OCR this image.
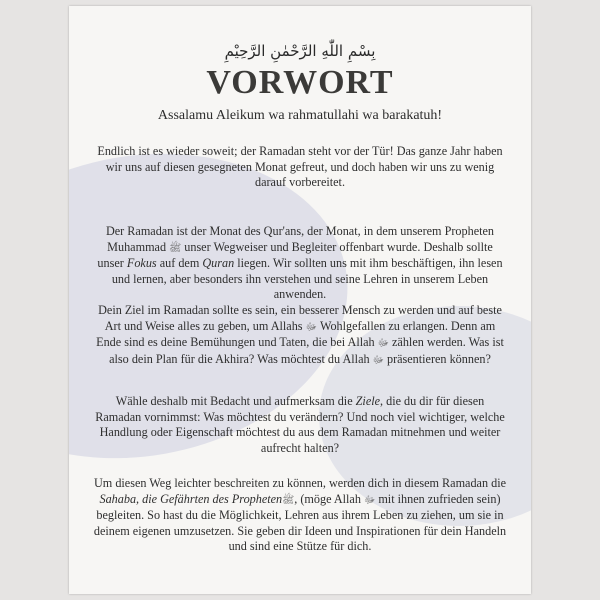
بِسْمِ اللّٰهِ الرَّحْمٰنِ الرَّحِيْمِ
VORWORT
Assalamu Aleikum wa rahmatullahi wa barakatuh!

Endlich ist es wieder soweit; der Ramadan steht vor der Tür! Das ganze Jahr haben wir uns auf diesen gesegneten Monat gefreut, und doch haben wir uns zu wenig darauf vorbereitet.

Der Ramadan ist der Monat des Qur'ans, der Monat, in dem unserem Propheten Muhammad ﷺ unser Wegweiser und Begleiter offenbart wurde. Deshalb sollte unser Fokus auf dem Quran liegen. Wir sollten uns mit ihm beschäftigen, ihn lesen und lernen, aber besonders ihn verstehen und seine Lehren in unserem Leben anwenden.

Dein Ziel im Ramadan sollte es sein, ein besserer Mensch zu werden und auf beste Art und Weise alles zu geben, um Allahs ﷻ Wohlgefallen zu erlangen. Denn am Ende sind es deine Bemühungen und Taten, die bei Allah ﷻ zählen werden. Was ist also dein Plan für die Akhira? Was möchtest du Allah ﷻ präsentieren können?

Wähle deshalb mit Bedacht und aufmerksam die Ziele, die du dir für diesen Ramadan vornimmst: Was möchtest du verändern? Und noch viel wichtiger, welche Handlung oder Eigenschaft möchtest du aus dem Ramadan mitnehmen und weiter aufrecht halten?

Um diesen Weg leichter beschreiten zu können, werden dich in diesem Ramadan die Sahaba, die Gefährten des Prophetenﷺ, (möge Allah ﷻ mit ihnen zufrieden sein) begleiten. So hast du die Möglichkeit, Lehren aus ihrem Leben zu ziehen, um sie in deinem eigenen umzusetzen. Sie geben dir Ideen und Inspirationen für dein Handeln und sind eine Stütze für dich.
